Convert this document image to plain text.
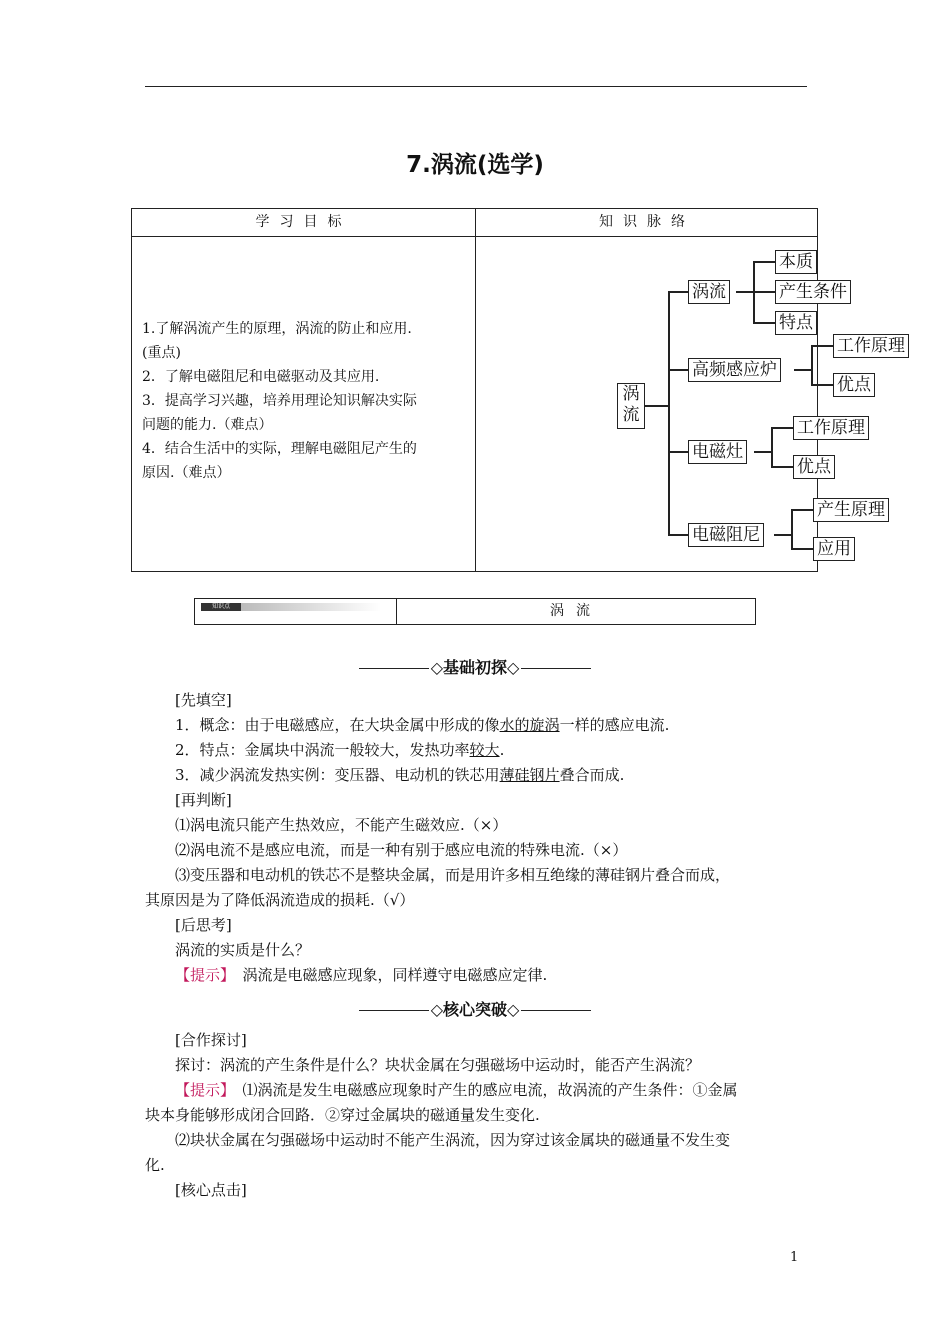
7.涡流(选学)
学习目标	知识脉络

1.了解涡流产生的原理，涡流的防止和应用.

(重点)

2．了解电磁阻尼和电磁驱动及其应用.

3．提高学习兴趣，培养用理论知识解决实际

问题的能力.（难点）

4．结合生活中的实际，理解电磁阻尼产生的

原因.（难点）

涡
流
涡流
本质
产生条件
特点
高频感应炉
工作原理
优点
电磁灶
工作原理
优点
电磁阻尼
产生原理
应用
知识点	涡流
◇基础初探◇
[先填空]
1．概念：由于电磁感应，在大块金属中形成的像水的旋涡一样的感应电流.
2．特点：金属块中涡流一般较大，发热功率较大.
3．减少涡流发热实例：变压器、电动机的铁芯用薄硅钢片叠合而成.
[再判断]
⑴涡电流只能产生热效应，不能产生磁效应.（×）
⑵涡电流不是感应电流，而是一种有别于感应电流的特殊电流.（×）
⑶变压器和电动机的铁芯不是整块金属，而是用许多相互绝缘的薄硅钢片叠合而成，
其原因是为了降低涡流造成的损耗.（√）
[后思考]
涡流的实质是什么？
【提示】　 涡流是电磁感应现象，同样遵守电磁感应定律.
◇核心突破◇
[合作探讨]
探讨：涡流的产生条件是什么？块状金属在匀强磁场中运动时，能否产生涡流？
【提示】　 ⑴涡流是发生电磁感应现象时产生的感应电流，故涡流的产生条件：①金属
块本身能够形成闭合回路．②穿过金属块的磁通量发生变化.
⑵块状金属在匀强磁场中运动时不能产生涡流，因为穿过该金属块的磁通量不发生变
化.
[核心点击]
1
